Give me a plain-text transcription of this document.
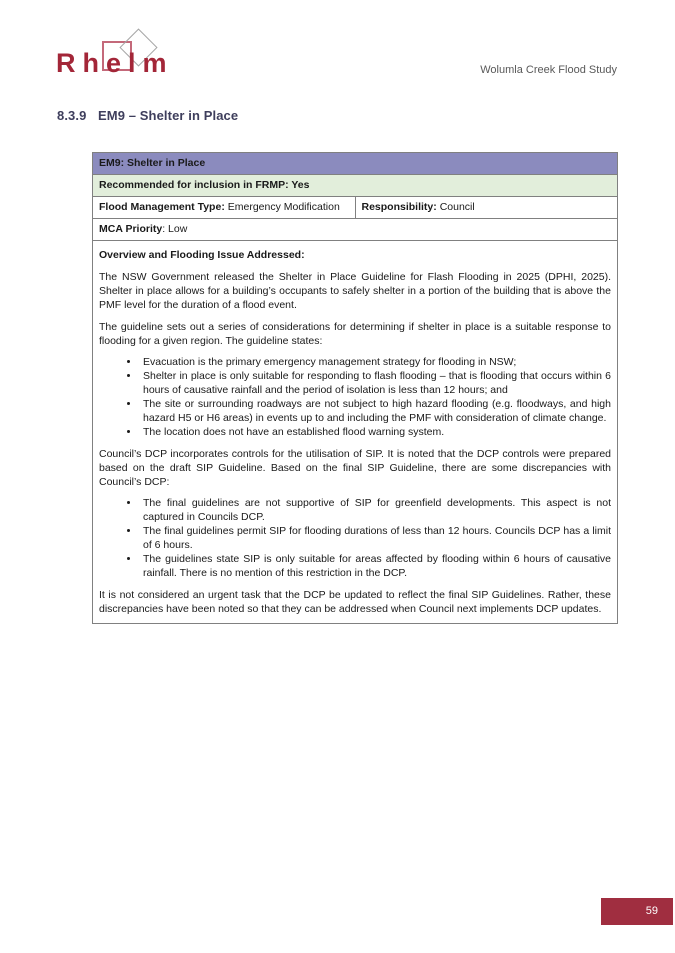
Rhelm	Wolumla Creek Flood Study
8.3.9 EM9 – Shelter in Place
EM9: Shelter in Place
Recommended for inclusion in FRMP: Yes
Flood Management Type: Emergency Modification	Responsibility: Council
MCA Priority: Low

Overview and Flooding Issue Addressed:

The NSW Government released the Shelter in Place Guideline for Flash Flooding in 2025 (DPHI, 2025). Shelter in place allows for a building’s occupants to safely shelter in a portion of the building that is above the PMF level for the duration of a flood event.

The guideline sets out a series of considerations for determining if shelter in place is a suitable response to flooding for a given region. The guideline states:

• Evacuation is the primary emergency management strategy for flooding in NSW;
• Shelter in place is only suitable for responding to flash flooding – that is flooding that occurs within 6 hours of causative rainfall and the period of isolation is less than 12 hours; and
• The site or surrounding roadways are not subject to high hazard flooding (e.g. floodways, and high hazard H5 or H6 areas) in events up to and including the PMF with consideration of climate change.
• The location does not have an established flood warning system.

Council’s DCP incorporates controls for the utilisation of SIP. It is noted that the DCP controls were prepared based on the draft SIP Guideline. Based on the final SIP Guideline, there are some discrepancies with Council’s DCP:

• The final guidelines are not supportive of SIP for greenfield developments. This aspect is not captured in Councils DCP.
• The final guidelines permit SIP for flooding durations of less than 12 hours. Councils DCP has a limit of 6 hours.
• The guidelines state SIP is only suitable for areas affected by flooding within 6 hours of causative rainfall. There is no mention of this restriction in the DCP.

It is not considered an urgent task that the DCP be updated to reflect the final SIP Guidelines. Rather, these discrepancies have been noted so that they can be addressed when Council next implements DCP updates.

59
